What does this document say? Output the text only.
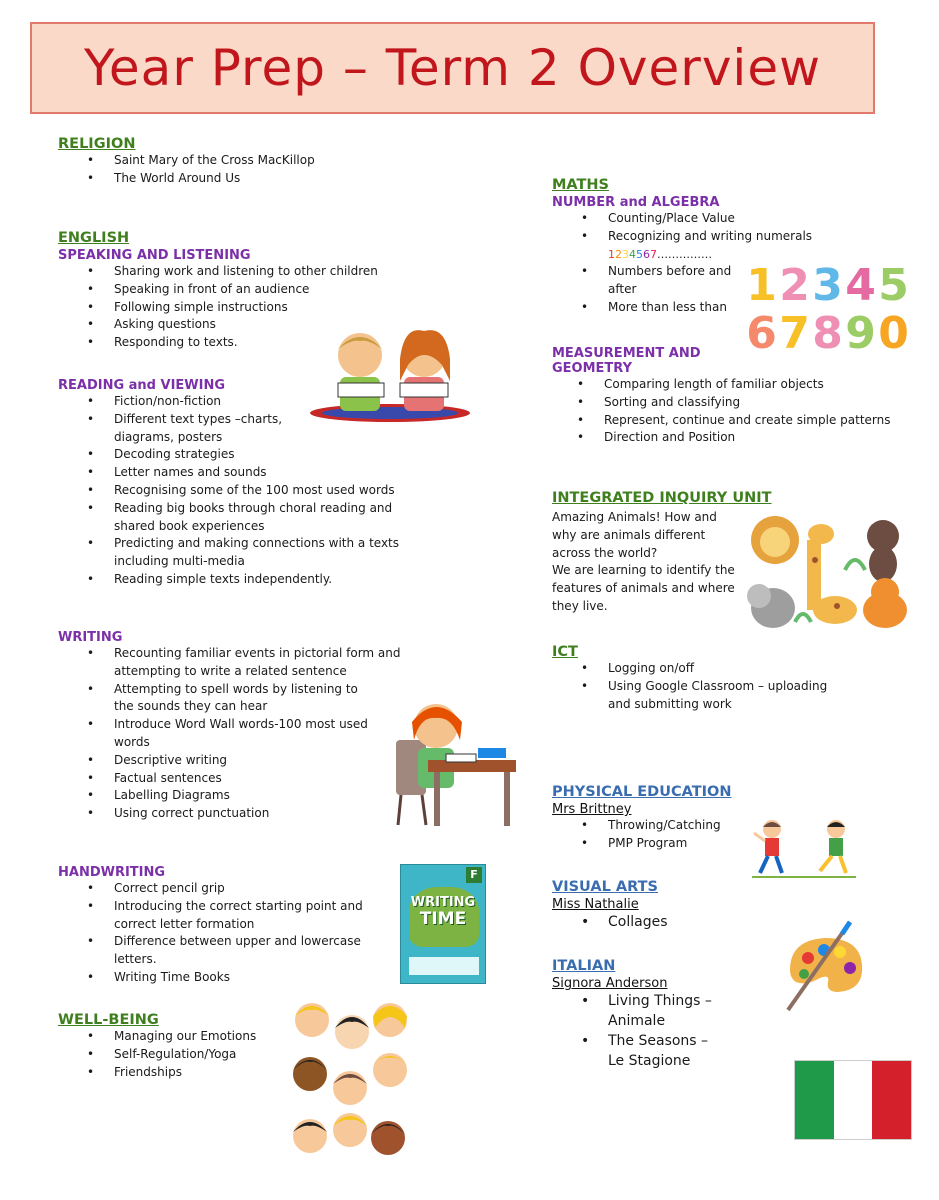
Year Prep – Term 2 Overview
RELIGION
• Saint Mary of the Cross MacKillop
• The World Around Us
ENGLISH
SPEAKING AND LISTENING
• Sharing work and listening to other children
• Speaking in front of an audience
• Following simple instructions
• Asking questions
• Responding to texts.
READING and VIEWING
• Fiction/non-fiction
• Different text types –charts, diagrams, posters
• Decoding strategies
• Letter names and sounds
• Recognising some of the 100 most used words
• Reading big books through choral reading and shared book experiences
• Predicting and making connections with a texts including multi-media
• Reading simple texts independently.
WRITING
• Recounting familiar events in pictorial form and attempting to write a related sentence
• Attempting to spell words by listening to the sounds they can hear
• Introduce Word Wall words-100 most used words
• Descriptive writing
• Factual sentences
• Labelling Diagrams
• Using correct punctuation
HANDWRITING
• Correct pencil grip
• Introducing the correct starting point and correct letter formation
• Difference between upper and lowercase letters.
• Writing Time Books
WELL-BEING
• Managing our Emotions
• Self-Regulation/Yoga
• Friendships
MATHS
NUMBER and ALGEBRA
• Counting/Place Value
• Recognizing and writing numerals
1234567……………
• Numbers before and after
• More than less than
MEASUREMENT AND GEOMETRY
• Comparing length of familiar objects
• Sorting and classifying
• Represent, continue and create simple patterns
• Direction and Position
INTEGRATED INQUIRY UNIT

Amazing Animals! How and why are animals different across the world?

We are learning to identify the features of animals and where they live.

ICT
• Logging on/off
• Using Google Classroom – uploading and submitting work
PHYSICAL EDUCATION
Mrs Brittney
• Throwing/Catching
• PMP Program
VISUAL ARTS
Miss Nathalie
• Collages
ITALIAN
Signora Anderson
• Living Things – Animale
• The Seasons – Le Stagione
F
WRITING
TIME
1 2 3 4 5
6 7 8 9 0
